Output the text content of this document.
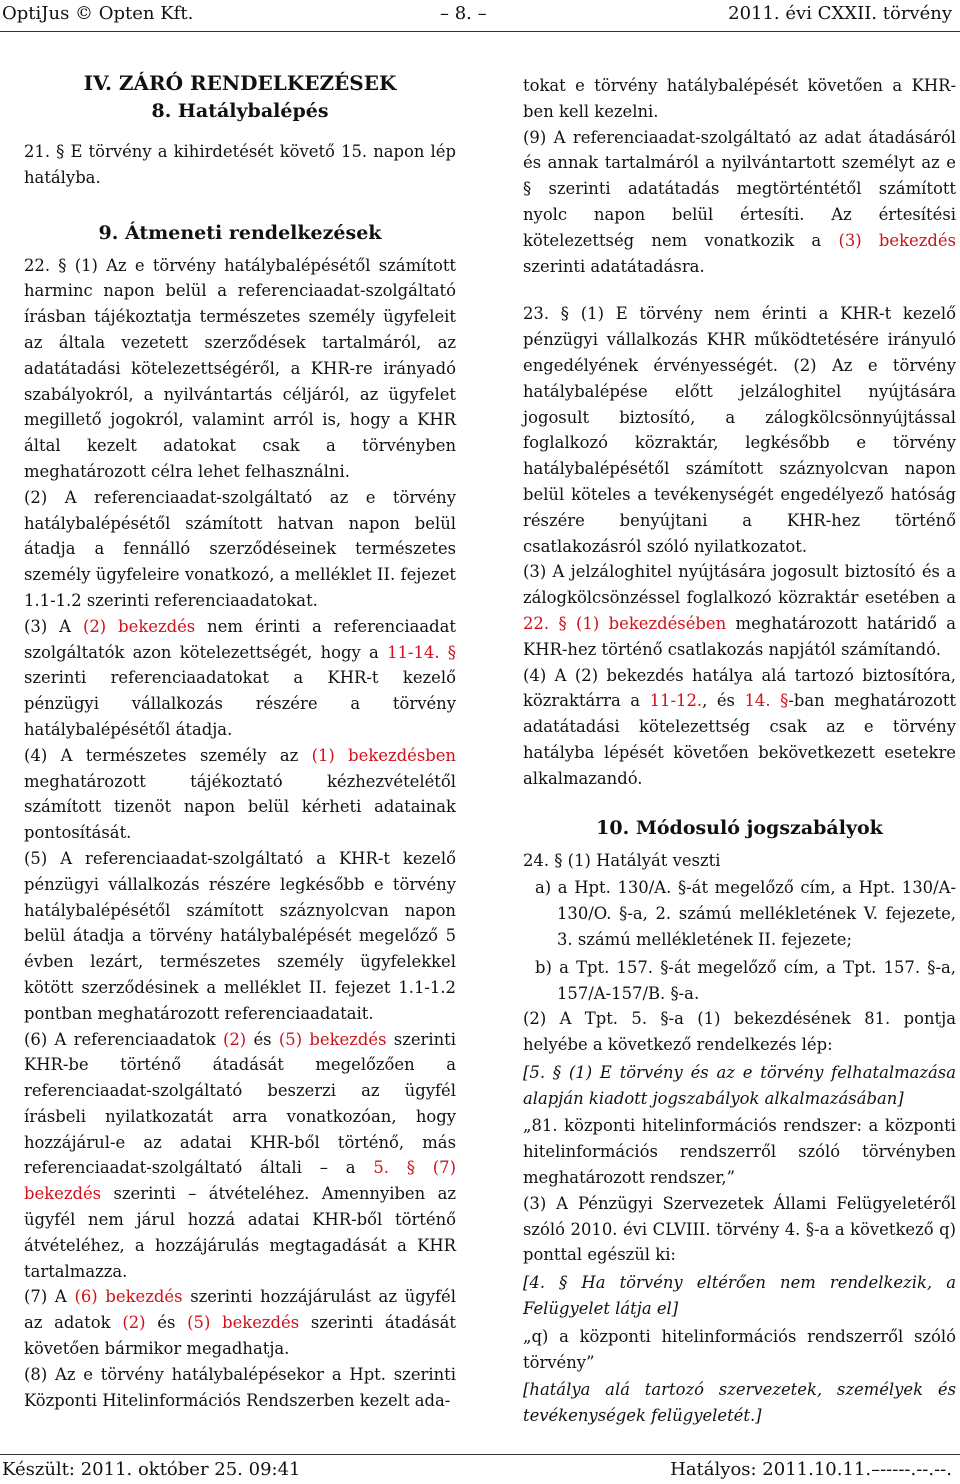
OptiJus © Opten Kft.	– 8. –	2011. évi CXXII. törvény

IV. ZÁRÓ RENDELKEZÉSEK

8. Hatálybalépés

21. § E törvény a kihirdetését követő 15. napon lép hatályba.

9. Átmeneti rendelkezések

22. § (1) Az e törvény hatálybalépésétől számított harminc napon belül a referenciaadat-szolgáltató írásban tájékoztatja természetes személy ügyfeleit az általa vezetett szerződések tartalmáról, az adatátadási kötelezettségéről, a KHR-re irányadó szabályokról, a nyilvántartás céljáról, az ügyfelet megillető jogokról, valamint arról is, hogy a KHR által kezelt adatokat csak a törvényben meghatározott célra lehet felhasználni.

(2) A referenciaadat-szolgáltató az e törvény hatálybalépésétől számított hatvan napon belül átadja a fennálló szerződéseinek természetes személy ügyfeleire vonatkozó, a melléklet II. fejezet 1.1-1.2 szerinti referenciaadatokat.

(3) A (2) bekezdés nem érinti a referenciaadat szolgáltatók azon kötelezettségét, hogy a 11-14. § szerinti referenciaadatokat a KHR-t kezelő pénzügyi vállalkozás részére a törvény hatálybalépésétől átadja.

(4) A természetes személy az (1) bekezdésben meghatározott tájékoztató kézhezvételétől számított tizenöt napon belül kérheti adatainak pontosítását.

(5) A referenciaadat-szolgáltató a KHR-t kezelő pénzügyi vállalkozás részére legkésőbb e törvény hatálybalépésétől számított száznyolcvan napon belül átadja a törvény hatálybalépését megelőző 5 évben lezárt, természetes személy ügyfelekkel kötött szerződésinek a melléklet II. fejezet 1.1-1.2 pontban meghatározott referenciaadatait.

(6) A referenciaadatok (2) és (5) bekezdés szerinti KHR-be történő átadását megelőzően a referenciaadat-szolgáltató beszerzi az ügyfél írásbeli nyilatkozatát arra vonatkozóan, hogy hozzájárul-e az adatai KHR-ből történő, más referenciaadat-szolgáltató általi – a 5. § (7) bekezdés szerinti – átvételéhez. Amennyiben az ügyfél nem járul hozzá adatai KHR-ből történő átvételéhez, a hozzájárulás megtagadását a KHR tartalmazza.

(7) A (6) bekezdés szerinti hozzájárulást az ügyfél az adatok (2) és (5) bekezdés szerinti átadását követően bármikor megadhatja.

(8) Az e törvény hatálybalépésekor a Hpt. szerinti Központi Hitelinformációs Rendszerben kezelt ada-

tokat e törvény hatálybalépését követően a KHR-ben kell kezelni.

(9) A referenciaadat-szolgáltató az adat átadásáról és annak tartalmáról a nyilvántartott személyt az e § szerinti adatátadás megtörténtétől számított nyolc napon belül értesíti. Az értesítési kötelezettség nem vonatkozik a (3) bekezdés szerinti adatátadásra.

23. § (1) E törvény nem érinti a KHR-t kezelő pénzügyi vállalkozás KHR működtetésére irányuló engedélyének érvényességét. (2) Az e törvény hatálybalépése előtt jelzáloghitel nyújtására jogosult biztosító, a zálogkölcsönnyújtással foglalkozó közraktár, legkésőbb e törvény hatálybalépésétől számított száznyolcvan napon belül köteles a tevékenységét engedélyező hatóság részére benyújtani a KHR-hez történő csatlakozásról szóló nyilatkozatot.

(3) A jelzáloghitel nyújtására jogosult biztosító és a zálogkölcsönzéssel foglalkozó közraktár esetében a 22. § (1) bekezdésében meghatározott határidő a KHR-hez történő csatlakozás napjától számítandó.

(4) A (2) bekezdés hatálya alá tartozó biztosítóra, közraktárra a 11-12., és 14. §-ban meghatározott adatátadási kötelezettség csak az e törvény hatályba lépését követően bekövetkezett esetekre alkalmazandó.

10. Módosuló jogszabályok

24. § (1) Hatályát veszti

a) a Hpt. 130/A. §-át megelőző cím, a Hpt. 130/A-130/O. §-a, 2. számú mellékletének V. fejezete, 3. számú mellékletének II. fejezete;

b) a Tpt. 157. §-át megelőző cím, a Tpt. 157. §-a, 157/A-157/B. §-a.

(2) A Tpt. 5. §-a (1) bekezdésének 81. pontja helyébe a következő rendelkezés lép:

[5. § (1) E törvény és az e törvény felhatalmazása alapján kiadott jogszabályok alkalmazásában]

„81. központi hitelinformációs rendszer: a központi hitelinformációs rendszerről szóló törvényben meghatározott rendszer,”

(3) A Pénzügyi Szervezetek Állami Felügyeletéről szóló 2010. évi CLVIII. törvény 4. §-a a következő q) ponttal egészül ki:

[4. § Ha törvény eltérően nem rendelkezik, a Felügyelet látja el]

„q) a központi hitelinformációs rendszerről szóló törvény”

[hatálya alá tartozó szervezetek, személyek és tevékenységek felügyeletét.]

Készült: 2011. október 25. 09:41	Hatályos: 2011.10.11.–-----.--.--.
